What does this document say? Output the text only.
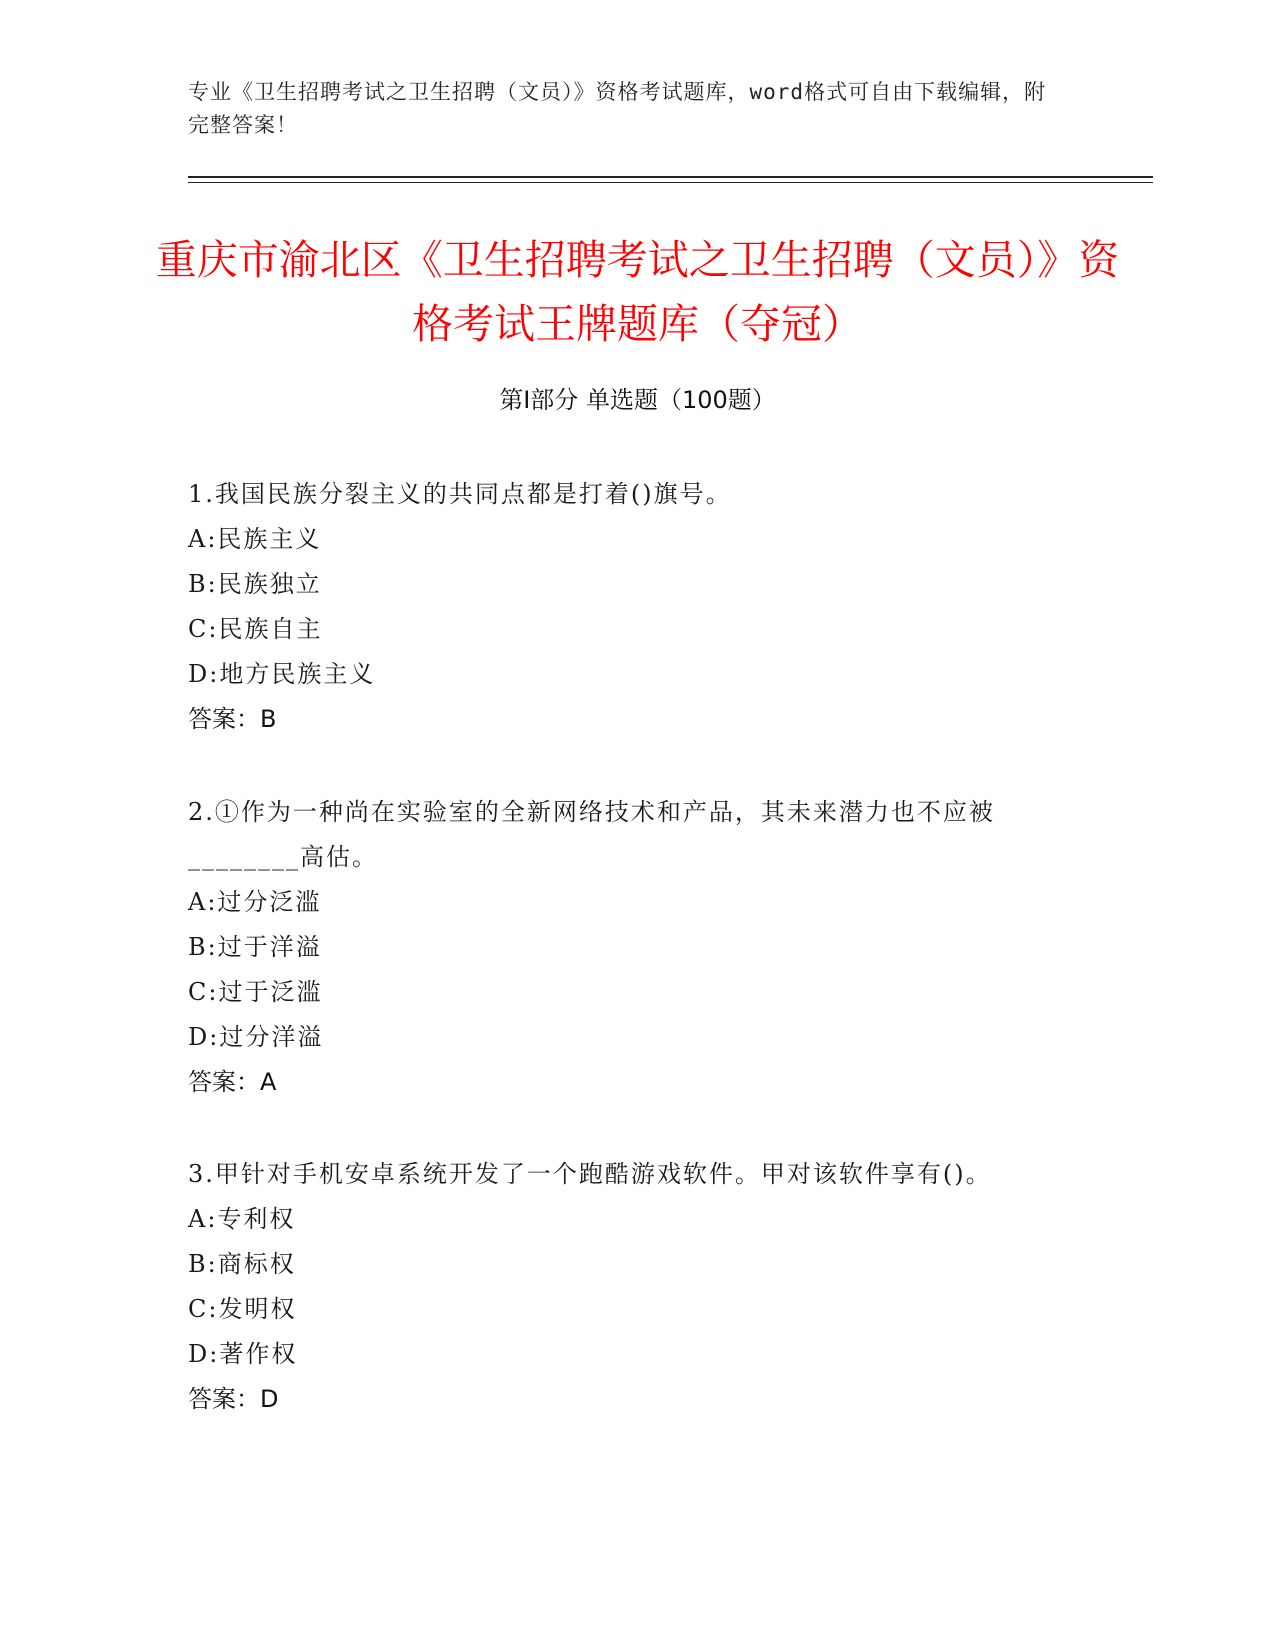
专业《卫生招聘考试之卫生招聘（文员）》资格考试题库，word格式可自由下载编辑，附完整答案！
重庆市渝北区《卫生招聘考试之卫生招聘（文员）》资格考试王牌题库（夺冠）
第Ⅰ部分 单选题（100题）

1.我国民族分裂主义的共同点都是打着()旗号。

A:民族主义

B:民族独立

C:民族自主

D:地方民族主义

答案：B

2.①作为一种尚在实验室的全新网络技术和产品，其未来潜力也不应被________高估。

A:过分泛滥

B:过于洋溢

C:过于泛滥

D:过分洋溢

答案：A

3.甲针对手机安卓系统开发了一个跑酷游戏软件。甲对该软件享有()。

A:专利权

B:商标权

C:发明权

D:著作权

答案：D
